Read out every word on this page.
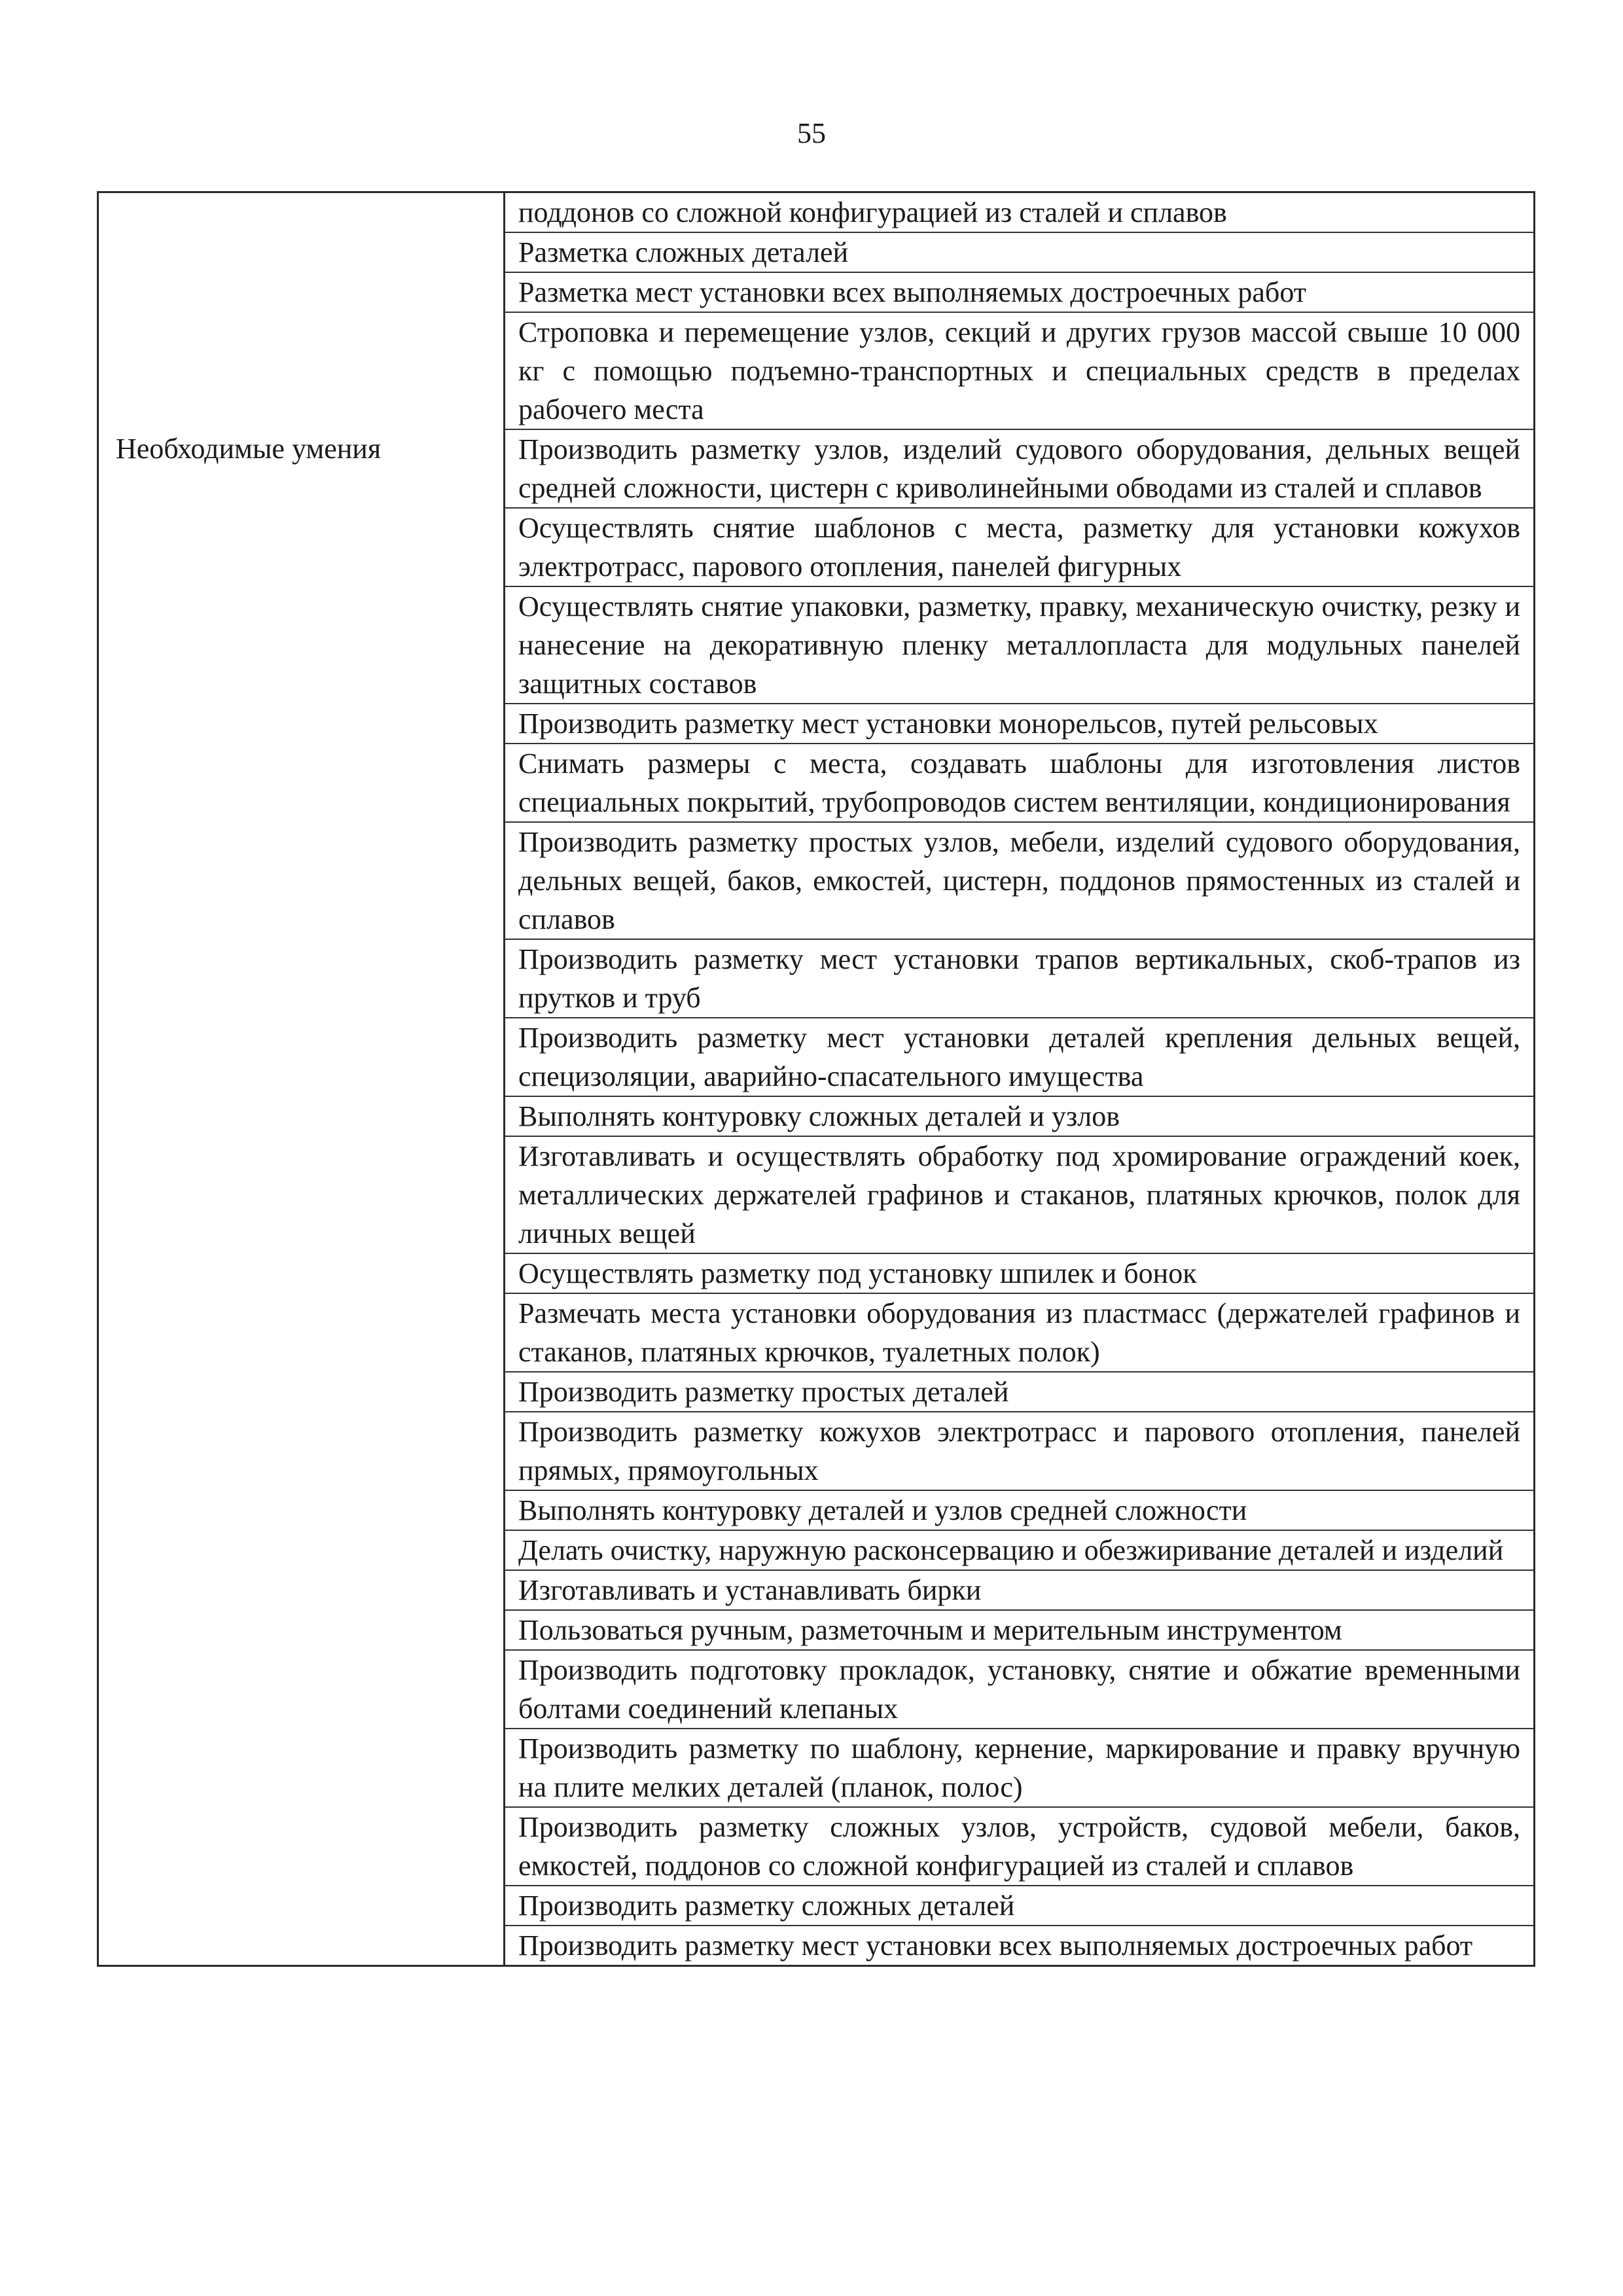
55
	поддонов со сложной конфигурацией из сталей и сплавов
	Разметка сложных деталей
	Разметка мест установки всех выполняемых достроечных работ
	Строповка и перемещение узлов, секций и других грузов массой свыше 10 000 кг с помощью подъемно-транспортных и специальных средств в пределах рабочего места

Необходимые умения	Производить разметку узлов, изделий судового оборудования, дельных вещей средней сложности, цистерн с криволинейными обводами из сталей и сплавов
	Осуществлять снятие шаблонов с места, разметку для установки кожухов электротрасс, парового отопления, панелей фигурных
	Осуществлять снятие упаковки, разметку, правку, механическую очистку, резку и нанесение на декоративную пленку металлопласта для модульных панелей защитных составов
	Производить разметку мест установки монорельсов, путей рельсовых
	Снимать размеры с места, создавать шаблоны для изготовления листов специальных покрытий, трубопроводов систем вентиляции, кондиционирования
	Производить разметку простых узлов, мебели, изделий судового оборудования, дельных вещей, баков, емкостей, цистерн, поддонов прямостенных из сталей и сплавов
	Производить разметку мест установки трапов вертикальных, скоб-трапов из прутков и труб
	Производить разметку мест установки деталей крепления дельных вещей, специзоляции, аварийно-спасательного имущества
	Выполнять контуровку сложных деталей и узлов
	Изготавливать и осуществлять обработку под хромирование ограждений коек, металлических держателей графинов и стаканов, платяных крючков, полок для личных вещей
	Осуществлять разметку под установку шпилек и бонок
	Размечать места установки оборудования из пластмасс (держателей графинов и стаканов, платяных крючков, туалетных полок)
	Производить разметку простых деталей
	Производить разметку кожухов электротрасс и парового отопления, панелей прямых, прямоугольных
	Выполнять контуровку деталей и узлов средней сложности
	Делать очистку, наружную расконсервацию и обезжиривание деталей и изделий
	Изготавливать и устанавливать бирки
	Пользоваться ручным, разметочным и мерительным инструментом
	Производить подготовку прокладок, установку, снятие и обжатие временными болтами соединений клепаных
	Производить разметку по шаблону, кернение, маркирование и правку вручную на плите мелких деталей (планок, полос)
	Производить разметку сложных узлов, устройств, судовой мебели, баков, емкостей, поддонов со сложной конфигурацией из сталей и сплавов
	Производить разметку сложных деталей
	Производить разметку мест установки всех выполняемых достроечных работ
